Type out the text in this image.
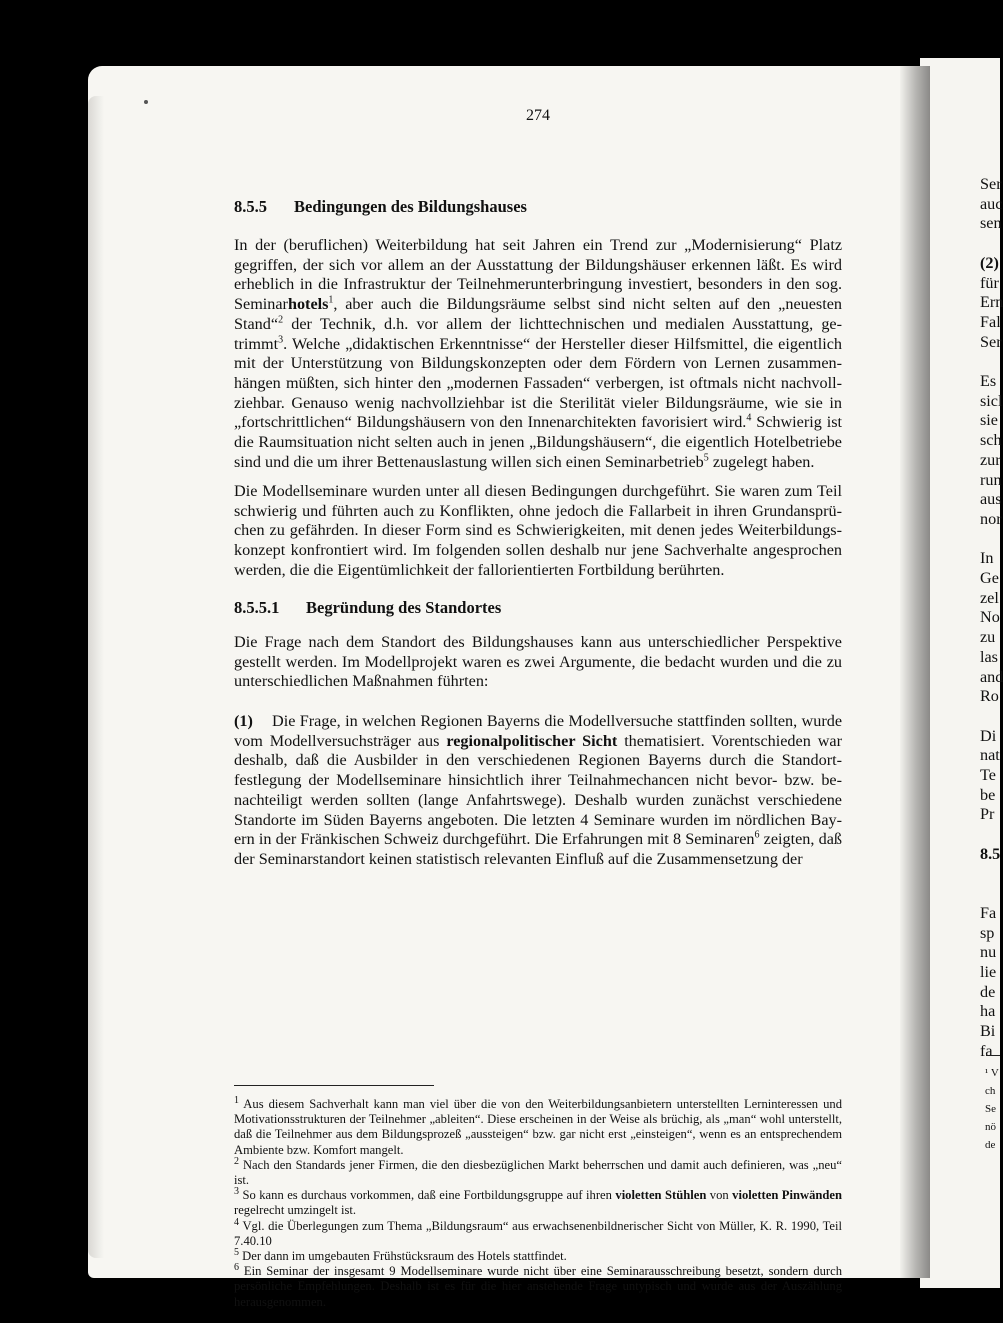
274
8.5.5 Bedingungen des Bildungshauses
In der (beruflichen) Weiterbildung hat seit Jahren ein Trend zur „Modernisierung“ Platz gegriffen, der sich vor allem an der Ausstattung der Bildungshäuser erkennen läßt. Es wird erheblich in die Infrastruktur der Teilnehmerunterbringung investiert, besonders in den sog. Seminarhotels$^1$, aber auch die Bildungsräume selbst sind nicht selten auf den „neuesten Stand“$^2$ der Technik, d.h. vor allem der lichttechnischen und medialen Ausstattung, getrimmt$^3$. Welche „didaktischen Erkenntnisse“ der Hersteller dieser Hilfsmittel, die eigentlich mit der Unterstützung von Bildungskonzepten oder dem Fördern von Lernen zusammenhängen müßten, sich hinter den „modernen Fassaden“ verbergen, ist oftmals nicht nachvollziehbar. Genauso wenig nachvollziehbar ist die Sterilität vieler Bildungsräume, wie sie in „fortschrittlichen“ Bildungshäusern von den Innenarchitekten favorisiert wird.$^4$ Schwierig ist die Raumsituation nicht selten auch in jenen „Bildungshäusern“, die eigentlich Hotelbetriebe sind und die um ihrer Bettenauslastung willen sich einen Seminarbetrieb$^5$ zugelegt haben.
Die Modellseminare wurden unter all diesen Bedingungen durchgeführt. Sie waren zum Teil schwierig und führten auch zu Konflikten, ohne jedoch die Fallarbeit in ihren Grundansprüchen zu gefährden. In dieser Form sind es Schwierigkeiten, mit denen jedes Weiterbildungskonzept konfrontiert wird. Im folgenden sollen deshalb nur jene Sachverhalte angesprochen werden, die die Eigentümlichkeit der fallorientierten Fortbildung berührten.
8.5.5.1 Begründung des Standortes
Die Frage nach dem Standort des Bildungshauses kann aus unterschiedlicher Perspektive gestellt werden. Im Modellprojekt waren es zwei Argumente, die bedacht wurden und die zu unterschiedlichen Maßnahmen führten:
(1) Die Frage, in welchen Regionen Bayerns die Modellversuche stattfinden sollten, wurde vom Modellversuchsträger aus regionalpolitischer Sicht thematisiert. Vorentschieden war deshalb, daß die Ausbilder in den verschiedenen Regionen Bayerns durch die Standortfestlegung der Modellseminare hinsichtlich ihrer Teilnahmechancen nicht bevor- bzw. benachteiligt werden sollten (lange Anfahrtswege). Deshalb wurden zunächst verschiedene Standorte im Süden Bayerns angeboten. Die letzten 4 Seminare wurden im nördlichen Bayern in der Fränkischen Schweiz durchgeführt. Die Erfahrungen mit 8 Seminaren$^6$ zeigten, daß der Seminarstandort keinen statistisch relevanten Einfluß auf die Zusammensetzung der

$^1$ Aus diesem Sachverhalt kann man viel über die von den Weiterbildungsanbietern unterstellten Lerninteressen und Motivationsstrukturen der Teilnehmer „ableiten“. Diese erscheinen in der Weise als brüchig, als „man“ wohl unterstellt, daß die Teilnehmer aus dem Bildungsprozeß „aussteigen“ bzw. gar nicht erst „einsteigen“, wenn es an entsprechendem Ambiente bzw. Komfort mangelt.

$^2$ Nach den Standards jener Firmen, die den diesbezüglichen Markt beherrschen und damit auch definieren, was „neu“ ist.

$^3$ So kann es durchaus vorkommen, daß eine Fortbildungsgruppe auf ihren violetten Stühlen von violetten Pinwänden regelrecht umzingelt ist.

$^4$ Vgl. die Überlegungen zum Thema „Bildungsraum“ aus erwachsenenbildnerischer Sicht von Müller, K. R. 1990, Teil 7.40.10

$^5$ Der dann im umgebauten Frühstücksraum des Hotels stattfindet.

$^6$ Ein Seminar der insgesamt 9 Modellseminare wurde nicht über eine Seminarausschreibung besetzt, sondern durch persönliche Empfehlungen. Deshalb ist es für die hier anstehende Frage untypisch und wurde aus der Auszählung herausgenommen.

Ser
auc
sen
(2)
für
Ern
Fal
Ser
Es
sicl
sie
sch
zur
run
aus
nor
In
Ge
zel
No
zu
las
and
Ro
Di
nat
Te
be
Pr
8.5
Fa
sp
nu
lie
de
ha
Bi
fa
¹ V
ch
Se
nö
de
